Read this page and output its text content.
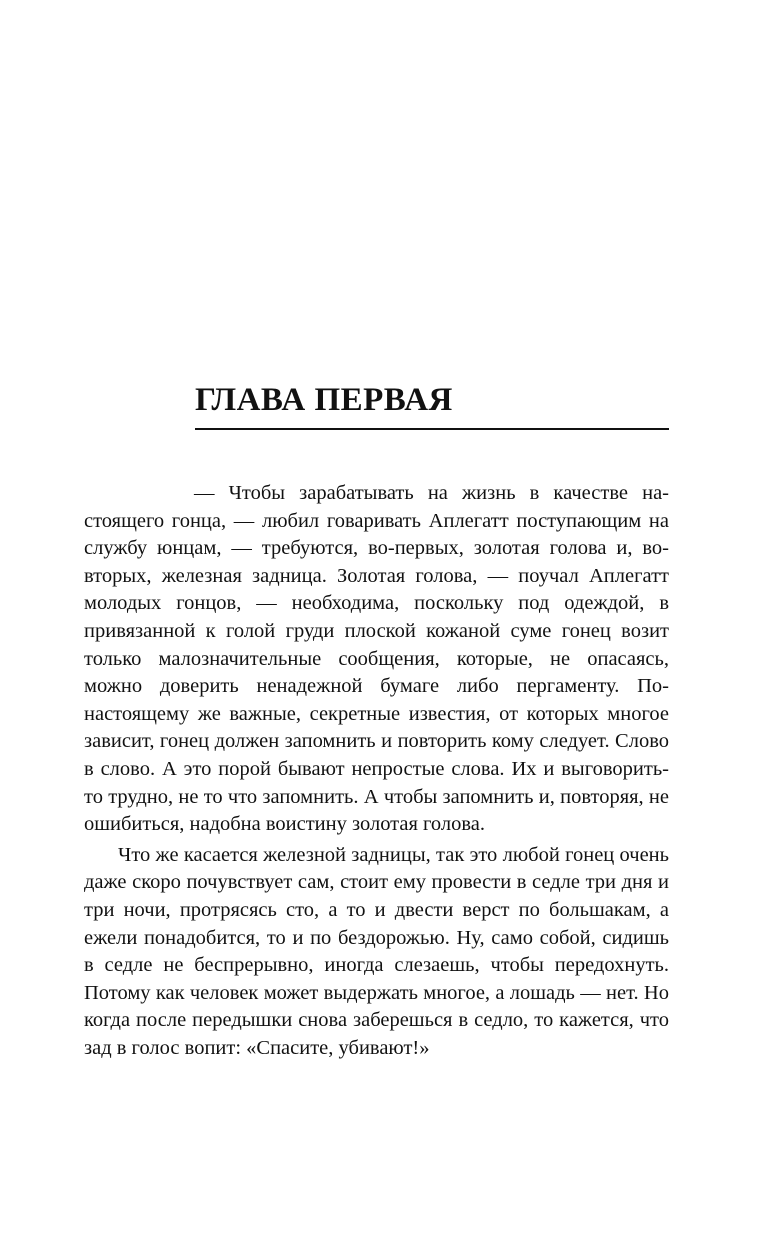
ГЛАВА ПЕРВАЯ

— Чтобы зарабатывать на жизнь в качестве настоящего гонца, — любил говаривать Аплегатт поступающим на службу юнцам, — требуются, во-первых, золотая голова и, во-вторых, железная задница. Золотая голова, — поучал Аплегатт молодых гонцов, — необходима, поскольку под одеждой, в привязанной к голой груди плоской кожаной суме гонец возит только малозначительные сообщения, которые, не опасаясь, можно доверить ненадежной бумаге либо пергаменту. По-настоящему же важные, секретные известия, от которых многое зависит, гонец должен запомнить и повторить кому следует. Слово в слово. А это порой бывают непростые слова. Их и выговорить-то трудно, не то что запомнить. А чтобы запомнить и, повторяя, не ошибиться, надобна воистину золотая голова.

Что же касается железной задницы, так это любой гонец очень даже скоро почувствует сам, стоит ему провести в седле три дня и три ночи, протрясясь сто, а то и двести верст по большакам, а ежели понадобится, то и по бездорожью. Ну, само собой, сидишь в седле не беспрерывно, иногда слезаешь, чтобы передохнуть. Потому как человек может выдержать многое, а лошадь — нет. Но когда после передышки снова заберешься в седло, то кажется, что зад в голос вопит: «Спасите, убивают!»
